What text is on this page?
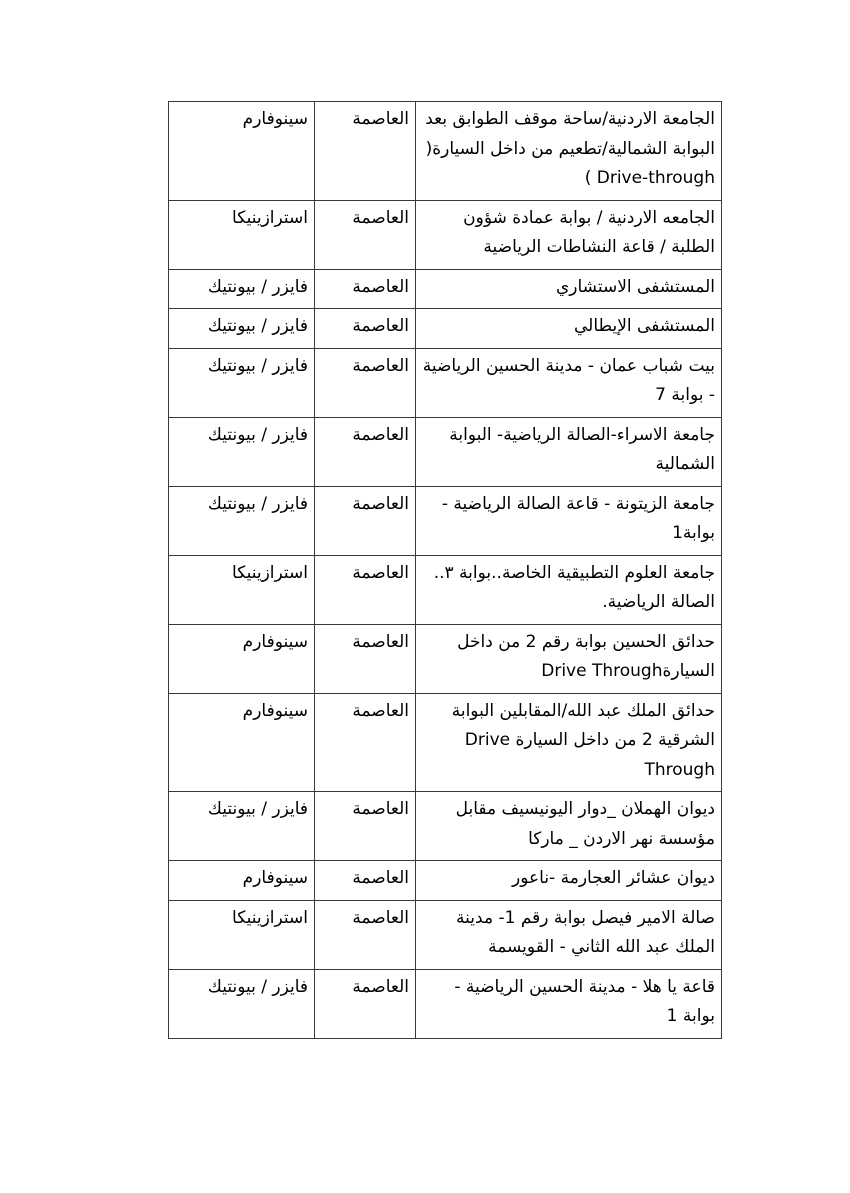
الجامعة الاردنية/ساحة موقف الطوابق بعد البوابة الشمالية/تطعيم من داخل السيارة( Drive-through )	العاصمة	سينوفارم
الجامعه الاردنية / بوابة عمادة شؤون الطلبة / قاعة النشاطات الرياضية	العاصمة	استرازينيكا
المستشفى الاستشاري	العاصمة	فايزر / بيونتيك
المستشفى الإيطالي	العاصمة	فايزر / بيونتيك
بيت شباب عمان - مدينة الحسين الرياضية - بوابة 7	العاصمة	فايزر / بيونتيك
جامعة الاسراء-الصالة الرياضية- البوابة الشمالية	العاصمة	فايزر / بيونتيك
جامعة الزيتونة - قاعة الصالة الرياضية - بوابة1	العاصمة	فايزر / بيونتيك
جامعة العلوم التطبيقية الخاصة..بوابة ٣.. الصالة الرياضية.	العاصمة	استرازينيكا
حدائق الحسين بوابة رقم 2 من داخل السيارةDrive Through	العاصمة	سينوفارم
حدائق الملك عبد الله/المقابلين البوابة الشرقية 2 من داخل السيارة Drive Through	العاصمة	سينوفارم
ديوان الهملان _دوار اليونيسيف مقابل مؤسسة نهر الاردن _ ماركا	العاصمة	فايزر / بيونتيك
ديوان عشائر العجارمة -ناعور	العاصمة	سينوفارم
صالة الامير فيصل بوابة رقم 1- مدينة الملك عبد الله الثاني - القويسمة	العاصمة	استرازينيكا
قاعة يا هلا - مدينة الحسين الرياضية - بوابة 1	العاصمة	فايزر / بيونتيك
